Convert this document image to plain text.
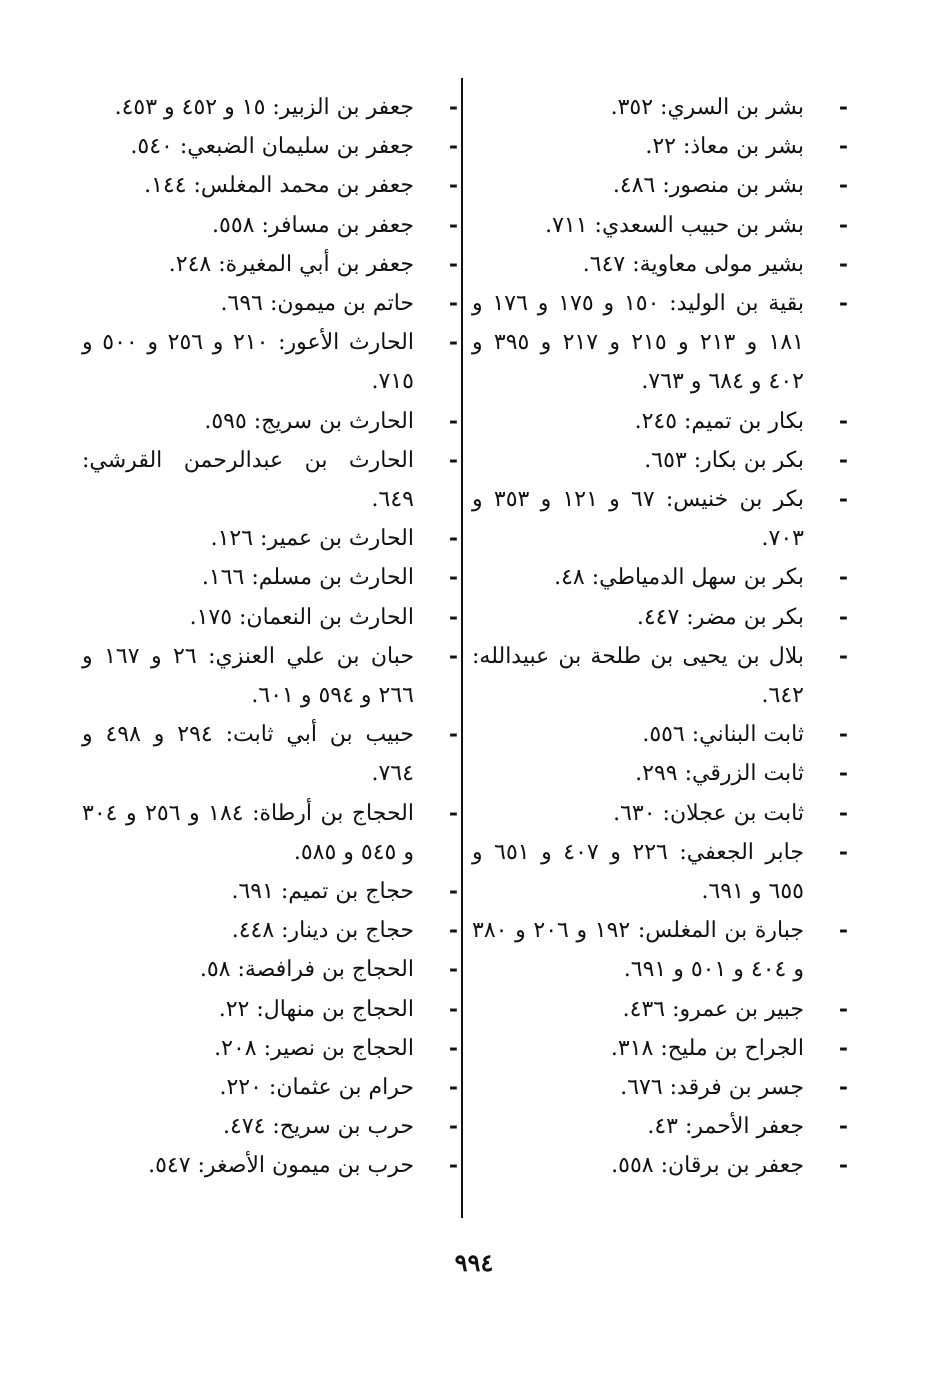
-
بشر بن السري: ٣٥٢.
-
بشر بن معاذ: ٢٢.
-
بشر بن منصور: ٤٨٦.
-
بشر بن حبيب السعدي: ٧١١.
-
بشير مولى معاوية: ٦٤٧.
-
بقية بن الوليد: ١٥٠ و ١٧٥ و ١٧٦ و ١٨١ و ٢١٣ و ٢١٥ و ٢١٧ و ٣٩٥ و ٤٠٢ و ٦٨٤ و ٧٦٣.
-
بكار بن تميم: ٢٤٥.
-
بكر بن بكار: ٦٥٣.
-
بكر بن خنيس: ٦٧ و ١٢١ و ٣٥٣ و ٧٠٣.
-
بكر بن سهل الدمياطي: ٤٨.
-
بكر بن مضر: ٤٤٧.
-
بلال بن يحيى بن طلحة بن عبيدالله: ٦٤٢.
-
ثابت البناني: ٥٥٦.
-
ثابت الزرقي: ٢٩٩.
-
ثابت بن عجلان: ٦٣٠.
-
جابر الجعفي: ٢٢٦ و ٤٠٧ و ٦٥١ و ٦٥٥ و ٦٩١.
-
جبارة بن المغلس: ١٩٢ و ٢٠٦ و ٣٨٠ و ٤٠٤ و ٥٠١ و ٦٩١.
-
جبير بن عمرو: ٤٣٦.
-
الجراح بن مليح: ٣١٨.
-
جسر بن فرقد: ٦٧٦.
-
جعفر الأحمر: ٤٣.
-
جعفر بن برقان: ٥٥٨.
-
جعفر بن الزبير: ١٥ و ٤٥٢ و ٤٥٣.
-
جعفر بن سليمان الضبعي: ٥٤٠.
-
جعفر بن محمد المغلس: ١٤٤.
-
جعفر بن مسافر: ٥٥٨.
-
جعفر بن أبي المغيرة: ٢٤٨.
-
حاتم بن ميمون: ٦٩٦.
-
الحارث الأعور: ٢١٠ و ٢٥٦ و ٥٠٠ و ٧١٥.
-
الحارث بن سريج: ٥٩٥.
-
الحارث بن عبدالرحمن القرشي: ٦٤٩.
-
الحارث بن عمير: ١٢٦.
-
الحارث بن مسلم: ١٦٦.
-
الحارث بن النعمان: ١٧٥.
-
حبان بن علي العنزي: ٢٦ و ١٦٧ و ٢٦٦ و ٥٩٤ و ٦٠١.
-
حبيب بن أبي ثابت: ٢٩٤ و ٤٩٨ و ٧٦٤.
-
الحجاج بن أرطاة: ١٨٤ و ٢٥٦ و ٣٠٤ و ٥٤٥ و ٥٨٥.
-
حجاج بن تميم: ٦٩١.
-
حجاج بن دينار: ٤٤٨.
-
الحجاج بن فرافصة: ٥٨.
-
الحجاج بن منهال: ٢٢.
-
الحجاج بن نصير: ٢٠٨.
-
حرام بن عثمان: ٢٢٠.
-
حرب بن سريح: ٤٧٤.
-
حرب بن ميمون الأصغر: ٥٤٧.
٩٩٤
